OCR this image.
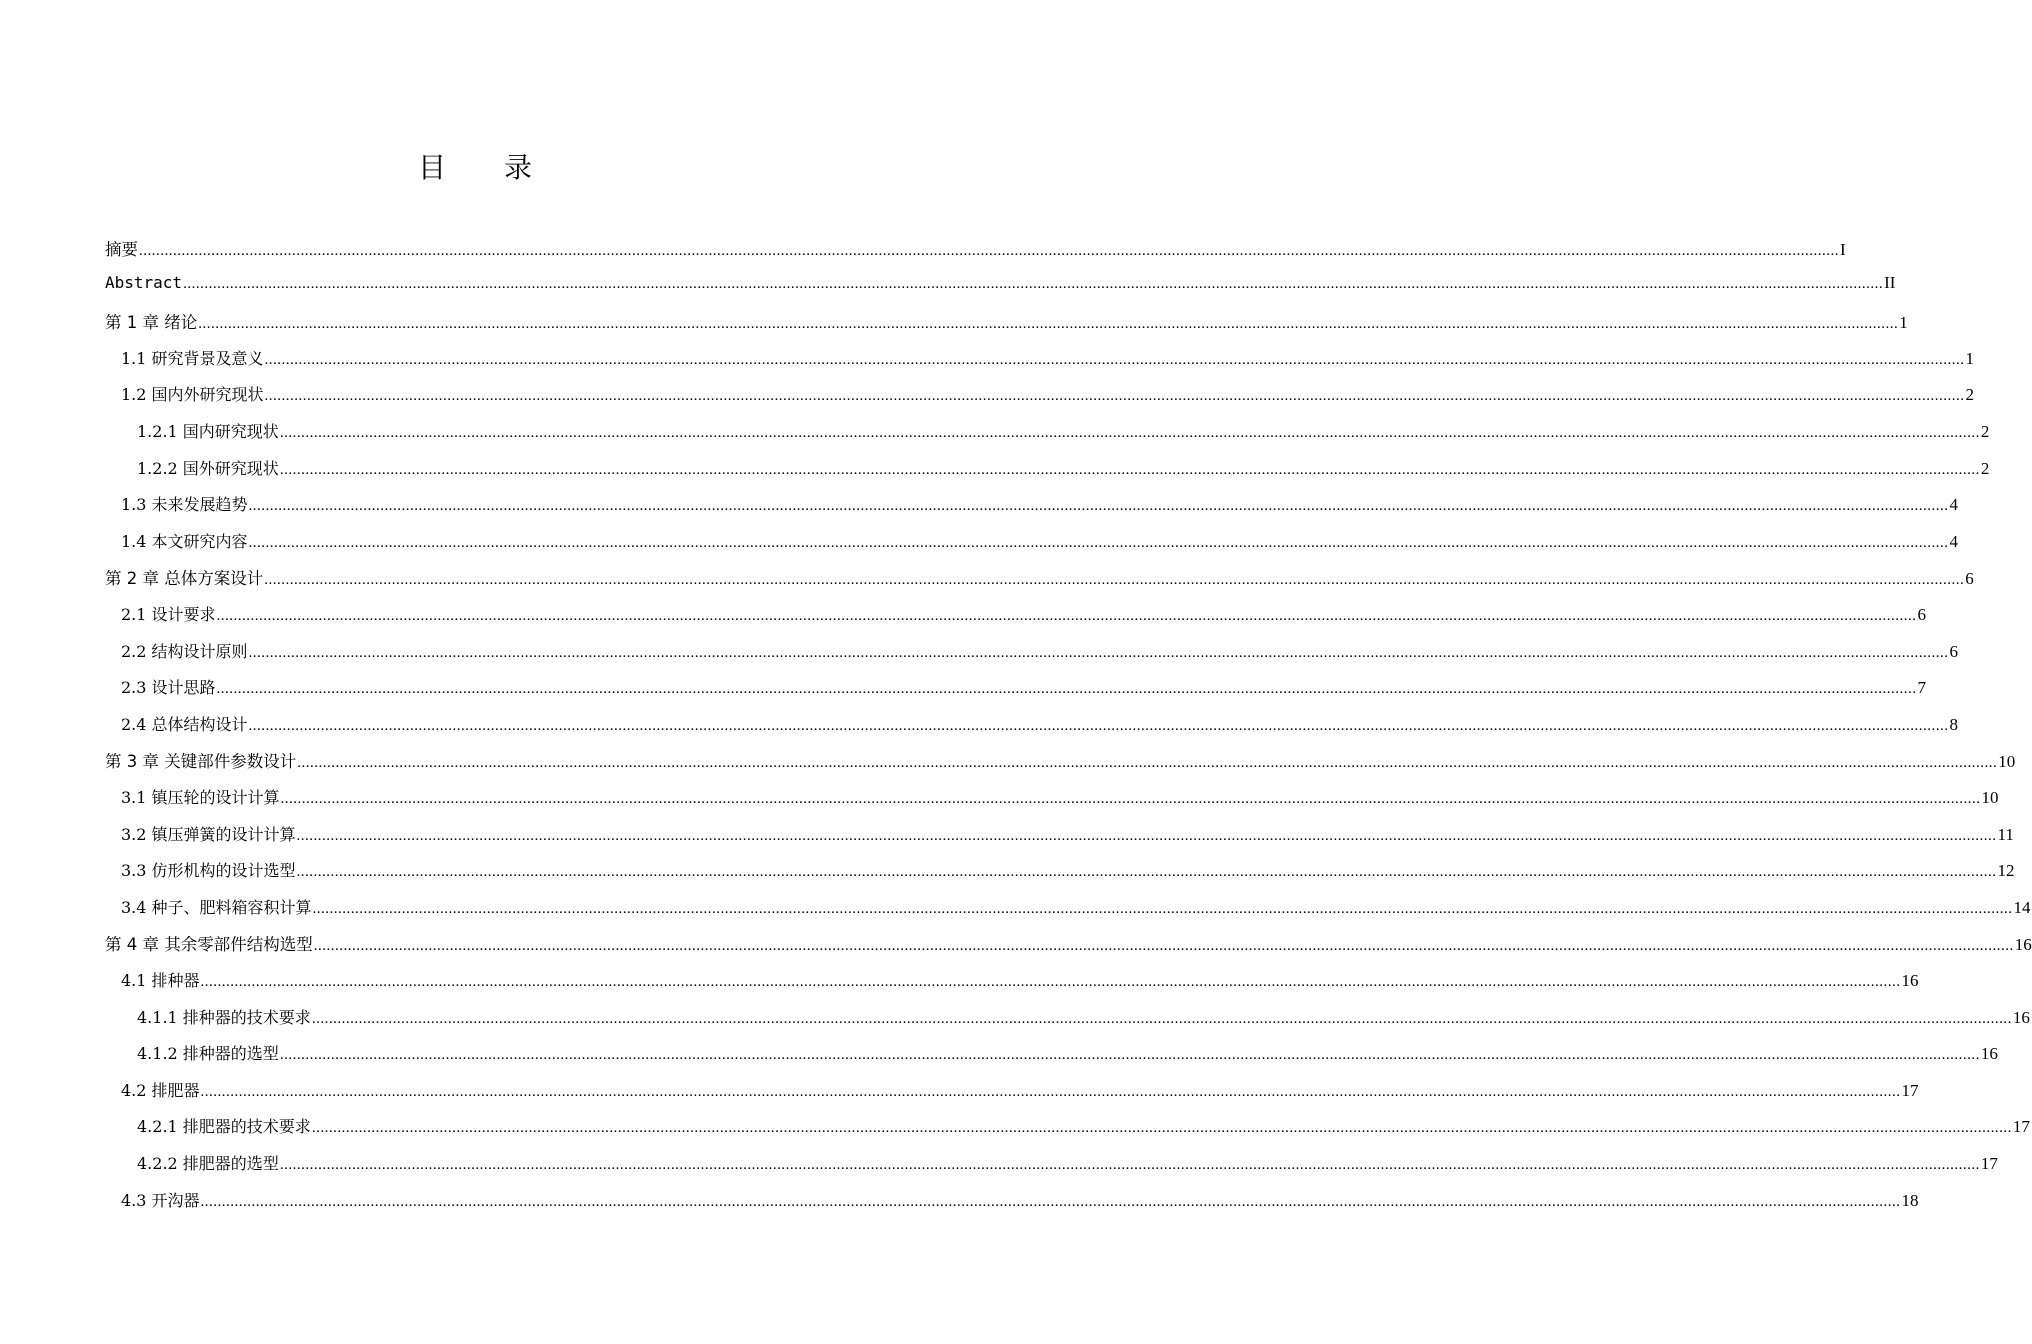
目 录
摘要 ................................................................................................................................................................................................................................................................................................................................................................................................................ I
Abstract ................................................................................................................................................................................................................................................................................................................................................................................................................ II
第 1 章 绪论 ................................................................................................................................................................................................................................................................................................................................................................................................................ 1
1.1 研究背景及意义 ................................................................................................................................................................................................................................................................................................................................................................................................................ 1
1.2 国内外研究现状 ................................................................................................................................................................................................................................................................................................................................................................................................................ 2
1.2.1 国内研究现状 ................................................................................................................................................................................................................................................................................................................................................................................................................ 2
1.2.2 国外研究现状 ................................................................................................................................................................................................................................................................................................................................................................................................................ 2
1.3 未来发展趋势 ................................................................................................................................................................................................................................................................................................................................................................................................................ 4
1.4 本文研究内容 ................................................................................................................................................................................................................................................................................................................................................................................................................ 4
第 2 章 总体方案设计 ................................................................................................................................................................................................................................................................................................................................................................................................................ 6
2.1 设计要求 ................................................................................................................................................................................................................................................................................................................................................................................................................ 6
2.2 结构设计原则 ................................................................................................................................................................................................................................................................................................................................................................................................................ 6
2.3 设计思路 ................................................................................................................................................................................................................................................................................................................................................................................................................ 7
2.4 总体结构设计 ................................................................................................................................................................................................................................................................................................................................................................................................................ 8
第 3 章 关键部件参数设计 ................................................................................................................................................................................................................................................................................................................................................................................................................ 10
3.1 镇压轮的设计计算 ................................................................................................................................................................................................................................................................................................................................................................................................................ 10
3.2 镇压弹簧的设计计算 ................................................................................................................................................................................................................................................................................................................................................................................................................ 11
3.3 仿形机构的设计选型 ................................................................................................................................................................................................................................................................................................................................................................................................................ 12
3.4 种子、肥料箱容积计算 ................................................................................................................................................................................................................................................................................................................................................................................................................ 14
第 4 章 其余零部件结构选型 ................................................................................................................................................................................................................................................................................................................................................................................................................ 16
4.1 排种器 ................................................................................................................................................................................................................................................................................................................................................................................................................ 16
4.1.1 排种器的技术要求 ................................................................................................................................................................................................................................................................................................................................................................................................................ 16
4.1.2 排种器的选型 ................................................................................................................................................................................................................................................................................................................................................................................................................ 16
4.2 排肥器 ................................................................................................................................................................................................................................................................................................................................................................................................................ 17
4.2.1 排肥器的技术要求 ................................................................................................................................................................................................................................................................................................................................................................................................................ 17
4.2.2 排肥器的选型 ................................................................................................................................................................................................................................................................................................................................................................................................................ 17
4.3 开沟器 ................................................................................................................................................................................................................................................................................................................................................................................................................ 18
